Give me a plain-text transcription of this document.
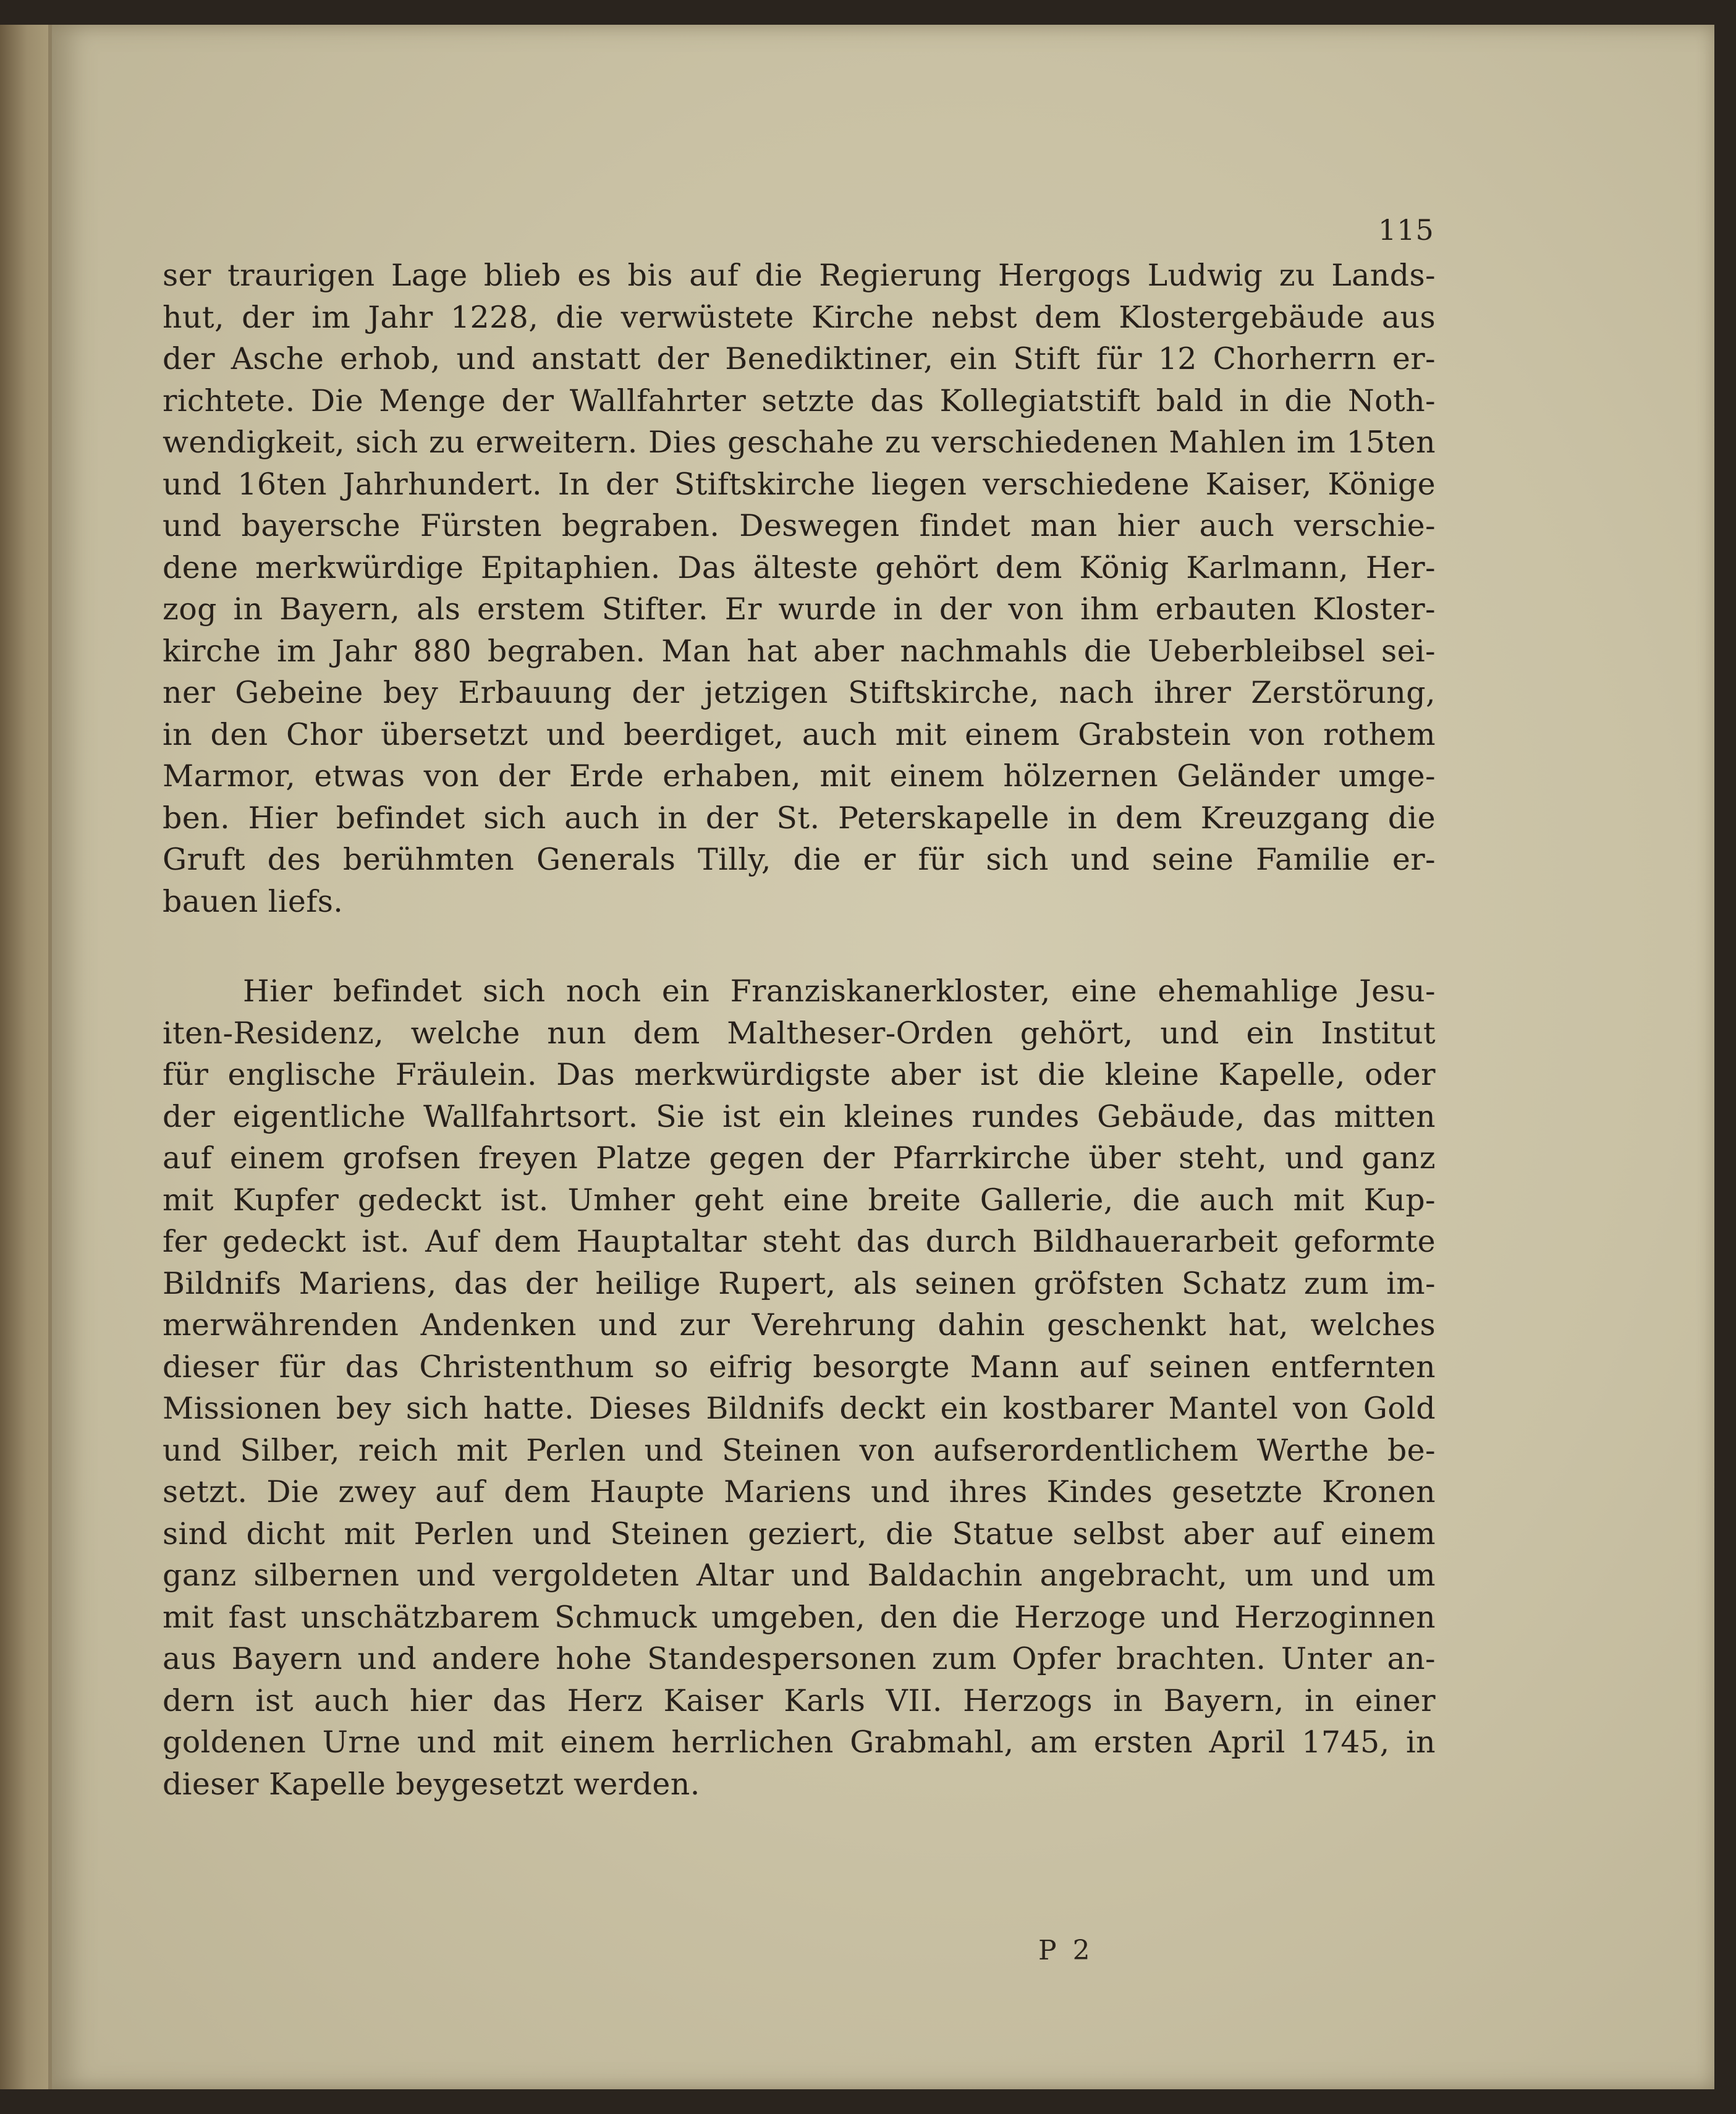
115
ser traurigen Lage blieb es bis auf die Regierung Hergogs Ludwig zu Lands-
hut, der im Jahr 1228, die verwüstete Kirche nebst dem Klostergebäude aus
der Asche erhob, und anstatt der Benediktiner, ein Stift für 12 Chorherrn er-
richtete. Die Menge der Wallfahrter setzte das Kollegiatstift bald in die Noth-
wendigkeit, sich zu erweitern. Dies geschahe zu verschiedenen Mahlen im 15ten
und 16ten Jahrhundert. In der Stiftskirche liegen verschiedene Kaiser, Könige
und bayersche Fürsten begraben. Deswegen findet man hier auch verschie-
dene merkwürdige Epitaphien. Das älteste gehört dem König Karlmann, Her-
zog in Bayern, als erstem Stifter. Er wurde in der von ihm erbauten Kloster-
kirche im Jahr 880 begraben. Man hat aber nachmahls die Ueberbleibsel sei-
ner Gebeine bey Erbauung der jetzigen Stiftskirche, nach ihrer Zerstörung,
in den Chor übersetzt und beerdiget, auch mit einem Grabstein von rothem
Marmor, etwas von der Erde erhaben, mit einem hölzernen Geländer umge-
ben. Hier befindet sich auch in der St. Peterskapelle in dem Kreuzgang die
Gruft des berühmten Generals Tilly, die er für sich und seine Familie er-
bauen liefs.
Hier befindet sich noch ein Franziskanerkloster, eine ehemahlige Jesu-
iten-Residenz, welche nun dem Maltheser-Orden gehört, und ein Institut
für englische Fräulein. Das merkwürdigste aber ist die kleine Kapelle, oder
der eigentliche Wallfahrtsort. Sie ist ein kleines rundes Gebäude, das mitten
auf einem grofsen freyen Platze gegen der Pfarrkirche über steht, und ganz
mit Kupfer gedeckt ist. Umher geht eine breite Gallerie, die auch mit Kup-
fer gedeckt ist. Auf dem Hauptaltar steht das durch Bildhauerarbeit geformte
Bildnifs Mariens, das der heilige Rupert, als seinen gröfsten Schatz zum im-
merwährenden Andenken und zur Verehrung dahin geschenkt hat, welches
dieser für das Christenthum so eifrig besorgte Mann auf seinen entfernten
Missionen bey sich hatte. Dieses Bildnifs deckt ein kostbarer Mantel von Gold
und Silber, reich mit Perlen und Steinen von aufserordentlichem Werthe be-
setzt. Die zwey auf dem Haupte Mariens und ihres Kindes gesetzte Kronen
sind dicht mit Perlen und Steinen geziert, die Statue selbst aber auf einem
ganz silbernen und vergoldeten Altar und Baldachin angebracht, um und um
mit fast unschätzbarem Schmuck umgeben, den die Herzoge und Herzoginnen
aus Bayern und andere hohe Standespersonen zum Opfer brachten. Unter an-
dern ist auch hier das Herz Kaiser Karls VII. Herzogs in Bayern, in einer
goldenen Urne und mit einem herrlichen Grabmahl, am ersten April 1745, in
dieser Kapelle beygesetzt werden.
P 2
